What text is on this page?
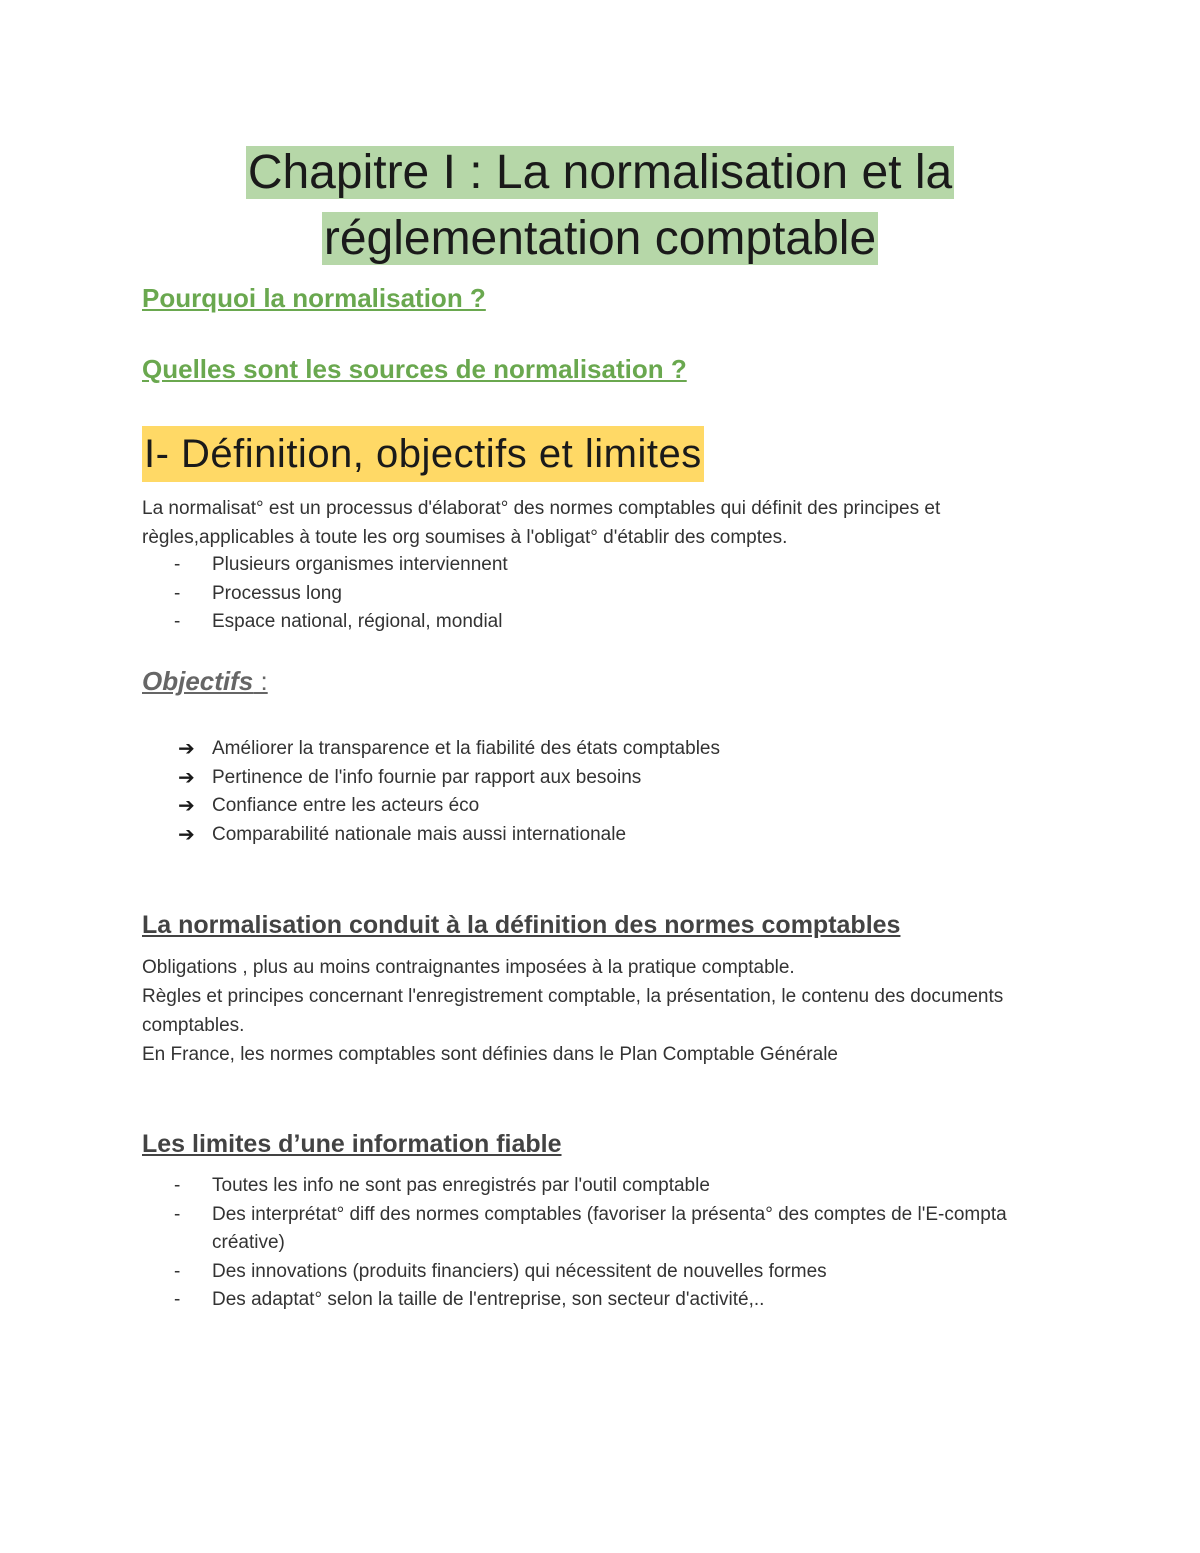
Chapitre I : La normalisation et la
réglementation comptable
Pourquoi la normalisation ?
Quelles sont les sources de normalisation ?
I- Définition, objectifs et limites
La normalisat° est un processus d'élaborat° des normes comptables qui définit des principes et règles,applicables à toute les org soumises à l'obligat° d'établir des comptes.
- Plusieurs organismes interviennent
- Processus long
- Espace national, régional, mondial
Objectifs :
➔ Améliorer la transparence et la fiabilité des états comptables
➔ Pertinence de l'info fournie par rapport aux besoins
➔ Confiance entre les acteurs éco
➔ Comparabilité nationale mais aussi internationale
La normalisation conduit à la définition des normes comptables
Obligations , plus au moins contraignantes imposées à la pratique comptable.
Règles et principes concernant l'enregistrement comptable, la présentation, le contenu des documents comptables.
En France, les normes comptables sont définies dans le Plan Comptable Générale
Les limites d’une information fiable
- Toutes les info ne sont pas enregistrés par l'outil comptable
- Des interprétat° diff des normes comptables (favoriser la présenta° des comptes de l'E-compta créative)
- Des innovations (produits financiers) qui nécessitent de nouvelles formes
- Des adaptat° selon la taille de l'entreprise, son secteur d'activité,..
